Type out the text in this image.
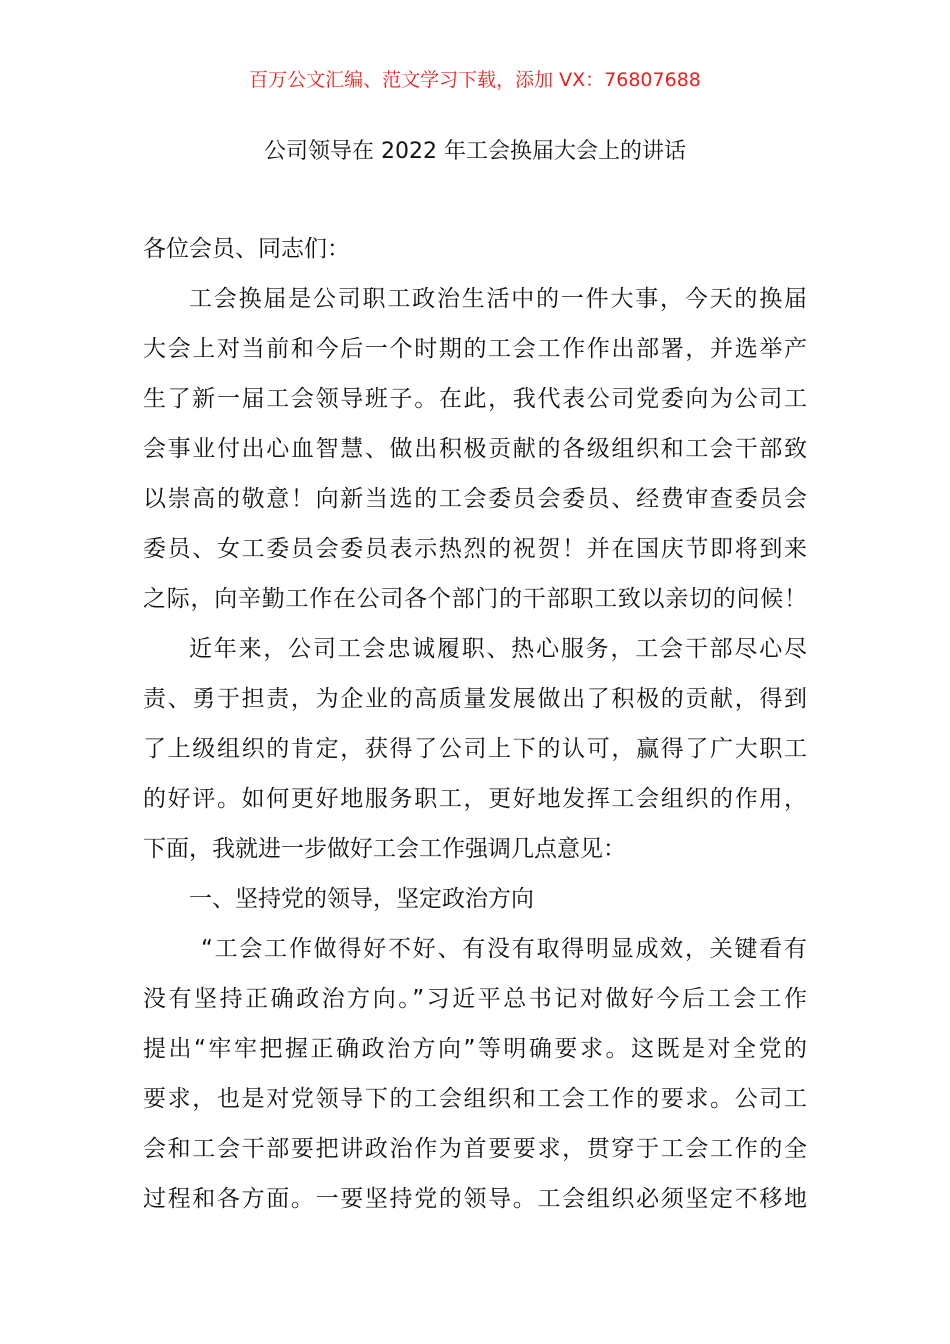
百万公文汇编、范文学习下载，添加 VX：76807688
公司领导在 2022 年工会换届大会上的讲话
各位会员、同志们：
工会换届是公司职工政治生活中的一件大事，今天的换届
大会上对当前和今后一个时期的工会工作作出部署，并选举产
生了新一届工会领导班子。在此，我代表公司党委向为公司工
会事业付出心血智慧、做出积极贡献的各级组织和工会干部致
以崇高的敬意！向新当选的工会委员会委员、经费审查委员会
委员、女工委员会委员表示热烈的祝贺！并在国庆节即将到来
之际，向辛勤工作在公司各个部门的干部职工致以亲切的问候！
近年来，公司工会忠诚履职、热心服务，工会干部尽心尽
责、勇于担责，为企业的高质量发展做出了积极的贡献，得到
了上级组织的肯定，获得了公司上下的认可，赢得了广大职工
的好评。如何更好地服务职工，更好地发挥工会组织的作用，
下面，我就进一步做好工会工作强调几点意见：
一、坚持党的领导，坚定政治方向
“工会工作做得好不好、有没有取得明显成效，关键看有
没有坚持正确政治方向。”习近平总书记对做好今后工会工作
提出“牢牢把握正确政治方向”等明确要求。这既是对全党的
要求，也是对党领导下的工会组织和工会工作的要求。公司工
会和工会干部要把讲政治作为首要要求，贯穿于工会工作的全
过程和各方面。一要坚持党的领导。工会组织必须坚定不移地
